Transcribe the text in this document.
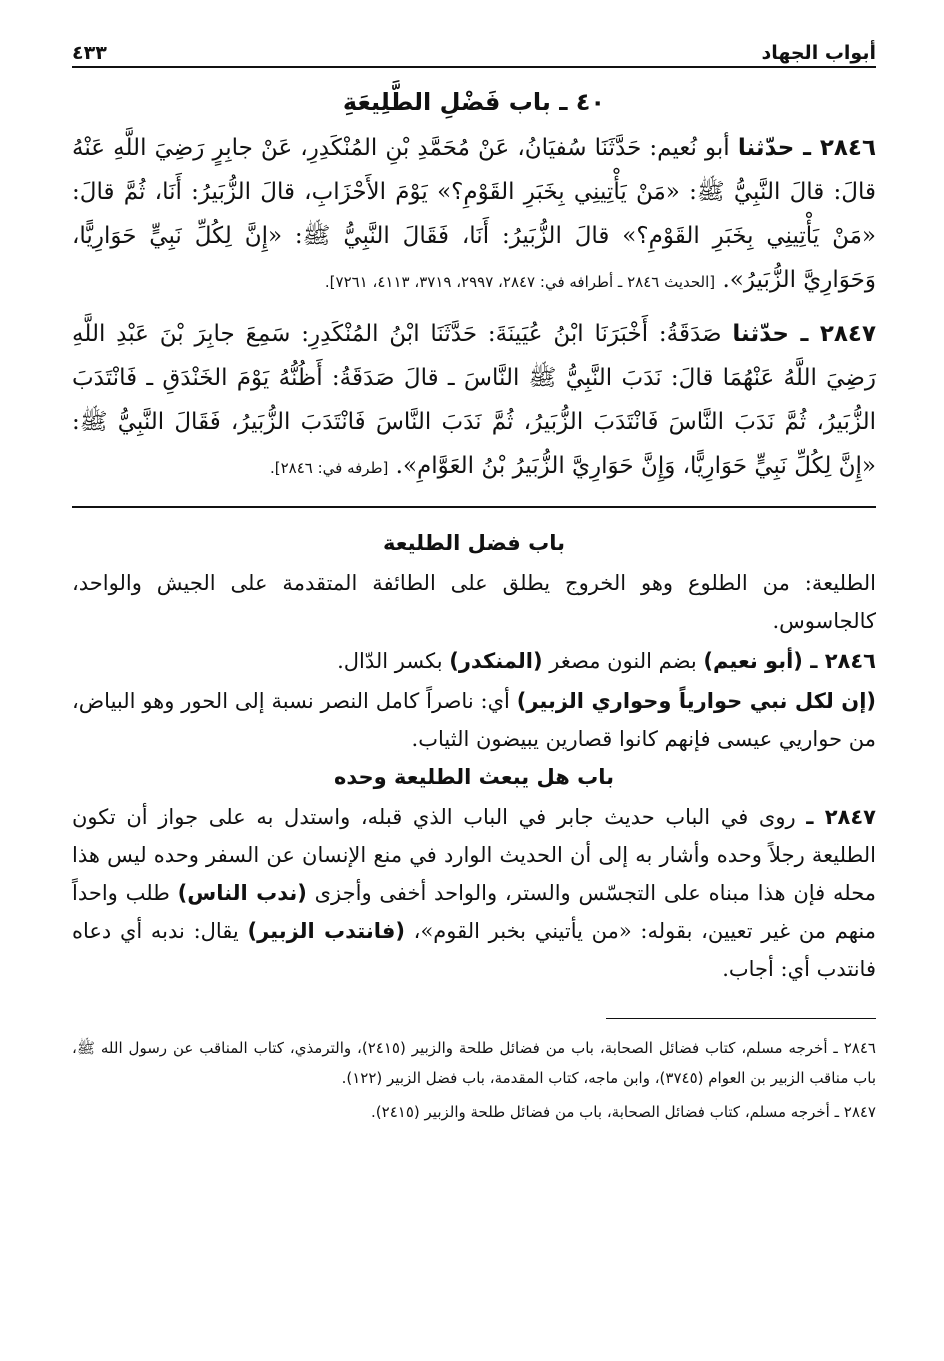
أبواب الجهاد
٤٣٣
٤٠ ـ باب فَضْلِ الطَّلِيعَةِ

٢٨٤٦ ـ حدّثنا أبو نُعيم: حَدَّثَنَا سُفيَانُ، عَنْ مُحَمَّدِ بْنِ المُنْكَدِرِ، عَنْ جابِرٍ رَضِيَ اللَّهِ عَنْهُ قالَ: قالَ النَّبِيُّ ﷺ: «مَنْ يَأْتِينِي بِخَبَرِ القَوْمِ؟» يَوْمَ الأَحْزَابِ، قالَ الزُّبَيرُ: أَنَا، ثُمَّ قالَ: «مَنْ يَأْتِينِي بِخَبَرِ القَوْمِ؟» قالَ الزُّبَيرُ: أَنَا، فَقَالَ النَّبِيُّ ﷺ: «إِنَّ لِكُلِّ نَبِيٍّ حَوَارِيًّا، وَحَوَارِيَّ الزُّبَيرُ». [الحديث ٢٨٤٦ ـ أطرافه في: ٢٨٤٧، ٢٩٩٧، ٣٧١٩، ٤١١٣، ٧٢٦١].

٢٨٤٧ ـ حدّثنا صَدَقَةُ: أَخْبَرَنَا ابْنُ عُيَينَةَ: حَدَّثَنَا ابْنُ المُنْكَدِرِ: سَمِعَ جابِرَ بْنَ عَبْدِ اللَّهِ رَضِيَ اللَّهُ عَنْهُمَا قالَ: نَدَبَ النَّبِيُّ ﷺ النَّاسَ ـ قالَ صَدَقَةُ: أَظُنُّهُ يَوْمَ الخَنْدَقِ ـ فَانْتَدَبَ الزُّبَيرُ، ثُمَّ نَدَبَ النَّاسَ فَانْتَدَبَ الزُّبَيرُ، ثُمَّ نَدَبَ النَّاسَ فَانْتَدَبَ الزُّبَيرُ، فَقَالَ النَّبِيُّ ﷺ: «إِنَّ لِكُلِّ نَبِيٍّ حَوَارِيًّا، وَإِنَّ حَوَارِيَّ الزُّبَيرُ بْنُ العَوَّامِ». [طرفه في: ٢٨٤٦].

باب فضل الطليعة

الطليعة: من الطلوع وهو الخروج يطلق على الطائفة المتقدمة على الجيش والواحد، كالجاسوس.

٢٨٤٦ ـ (أبو نعيم) بضم النون مصغر (المنكدر) بكسر الدّال.

(إن لكل نبي حوارياً وحواري الزبير) أي: ناصراً كامل النصر نسبة إلى الحور وهو البياض، من حواريي عيسى فإنهم كانوا قصارين يبيضون الثياب.

باب هل يبعث الطليعة وحده

٢٨٤٧ ـ روى في الباب حديث جابر في الباب الذي قبله، واستدل به على جواز أن تكون الطليعة رجلاً وحده وأشار به إلى أن الحديث الوارد في منع الإنسان عن السفر وحده ليس هذا محله فإن هذا مبناه على التجسّس والستر، والواحد أخفى وأجزى (ندب الناس) طلب واحداً منهم من غير تعيين، بقوله: «من يأتيني بخبر القوم»، (فانتدب الزبير) يقال: ندبه أي دعاه فانتدب أي: أجاب.

٢٨٤٦ ـ أخرجه مسلم، كتاب فضائل الصحابة، باب من فضائل طلحة والزبير (٢٤١٥)، والترمذي، كتاب المناقب عن رسول الله ﷺ، باب مناقب الزبير بن العوام (٣٧٤٥)، وابن ماجه، كتاب المقدمة، باب فضل الزبير (١٢٢).

٢٨٤٧ ـ أخرجه مسلم، كتاب فضائل الصحابة، باب من فضائل طلحة والزبير (٢٤١٥).
